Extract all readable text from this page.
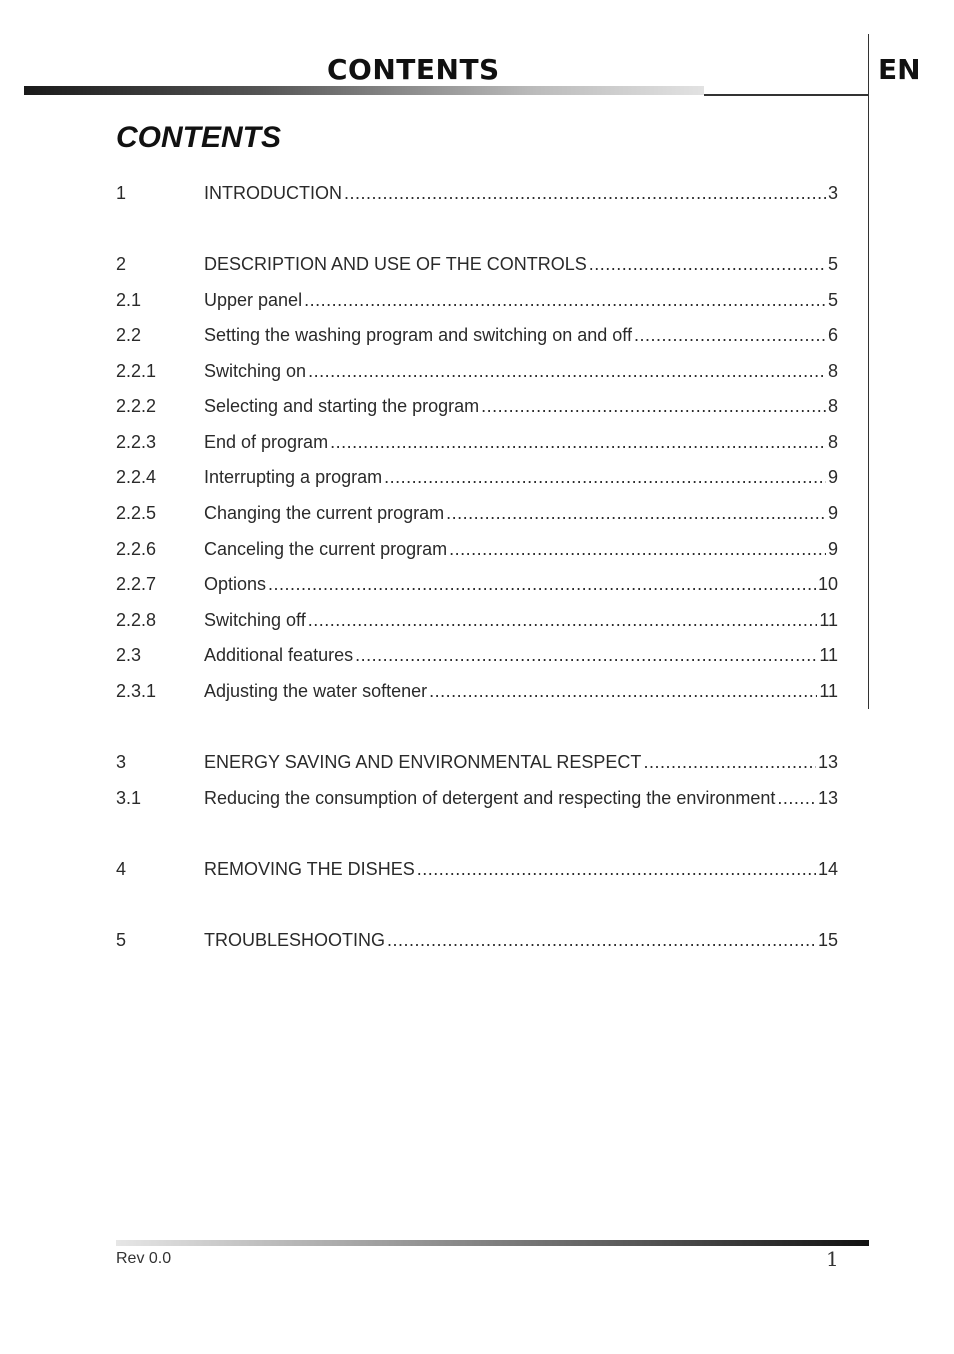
CONTENTS	EN
CONTENTS
1	INTRODUCTION .....	3
2	DESCRIPTION AND USE OF THE CONTROLS .....	5
2.1	Upper panel .....	5
2.2	Setting the washing program and switching on and off .....	6
2.2.1	Switching on .....	8
2.2.2	Selecting and starting the program .....	8
2.2.3	End of program .....	8
2.2.4	Interrupting a program .....	9
2.2.5	Changing the current program .....	9
2.2.6	Canceling the current program .....	9
2.2.7	Options .....	10
2.2.8	Switching off .....	11
2.3	Additional features .....	11
2.3.1	Adjusting the water softener .....	11
3	ENERGY SAVING AND ENVIRONMENTAL RESPECT .....	13
3.1	Reducing the consumption of detergent and respecting the environment ..... 13
4	REMOVING THE DISHES .....	14
5	TROUBLESHOOTING .....	15
Rev 0.0	1
